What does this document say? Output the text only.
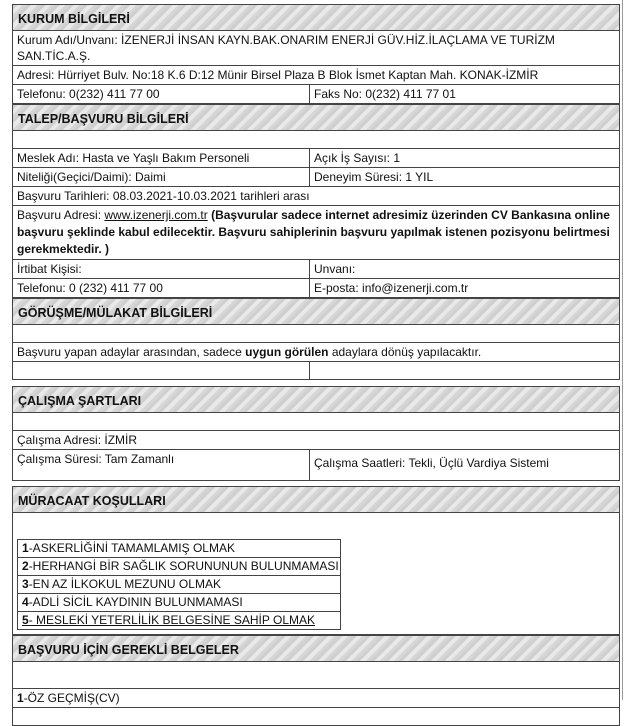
KURUM BİLGİLERİ
Kurum Adı/Unvanı: İZENERJİ İNSAN KAYN.BAK.ONARIM ENERJİ GÜV.HİZ.İLAÇLAMA VE TURİZM SAN.TİC.A.Ş.
Adresi: Hürriyet Bulv. No:18 K.6 D:12 Münir Birsel Plaza B Blok İsmet Kaptan Mah. KONAK-İZMİR
Telefonu: 0(232) 411 77 00	Faks No: 0(232) 411 77 01
TALEP/BAŞVURU BİLGİLERİ
Meslek Adı: Hasta ve Yaşlı Bakım Personeli	Açık İş Sayısı: 1
Niteliği(Geçici/Daimi): Daimi	Deneyim Süresi: 1 YIL
Başvuru Tarihleri: 08.03.2021-10.03.2021 tarihleri arası
Başvuru Adresi: www.izenerji.com.tr (Başvurular sadece internet adresimiz üzerinden CV Bankasına online başvuru şeklinde kabul edilecektir. Başvuru sahiplerinin başvuru yapılmak istenen pozisyonu belirtmesi gerekmektedir. )
İrtibat Kişisi:	Unvanı:
Telefonu: 0 (232) 411 77 00	E-posta: info@izenerji.com.tr
GÖRÜŞME/MÜLAKAT BİLGİLERİ
Başvuru yapan adaylar arasından, sadece uygun görülen adaylara dönüş yapılacaktır.
ÇALIŞMA ŞARTLARI
Çalışma Adresi: İZMİR
Çalışma Süresi: Tam Zamanlı	Çalışma Saatleri: Tekli, Üçlü Vardiya Sistemi
MÜRACAAT KOŞULLARI
1-ASKERLİĞİNİ TAMAMLAMIŞ OLMAK
2-HERHANGİ BİR SAĞLIK SORUNUNUN BULUNMAMASI
3-EN AZ İLKOKUL MEZUNU OLMAK
4-ADLİ SİCİL KAYDININ BULUNMAMASI
5- MESLEKİ YETERLİLİK BELGESİNE SAHİP OLMAK
BAŞVURU İÇİN GEREKLİ BELGELER
1-ÖZ GEÇMİŞ(CV)
